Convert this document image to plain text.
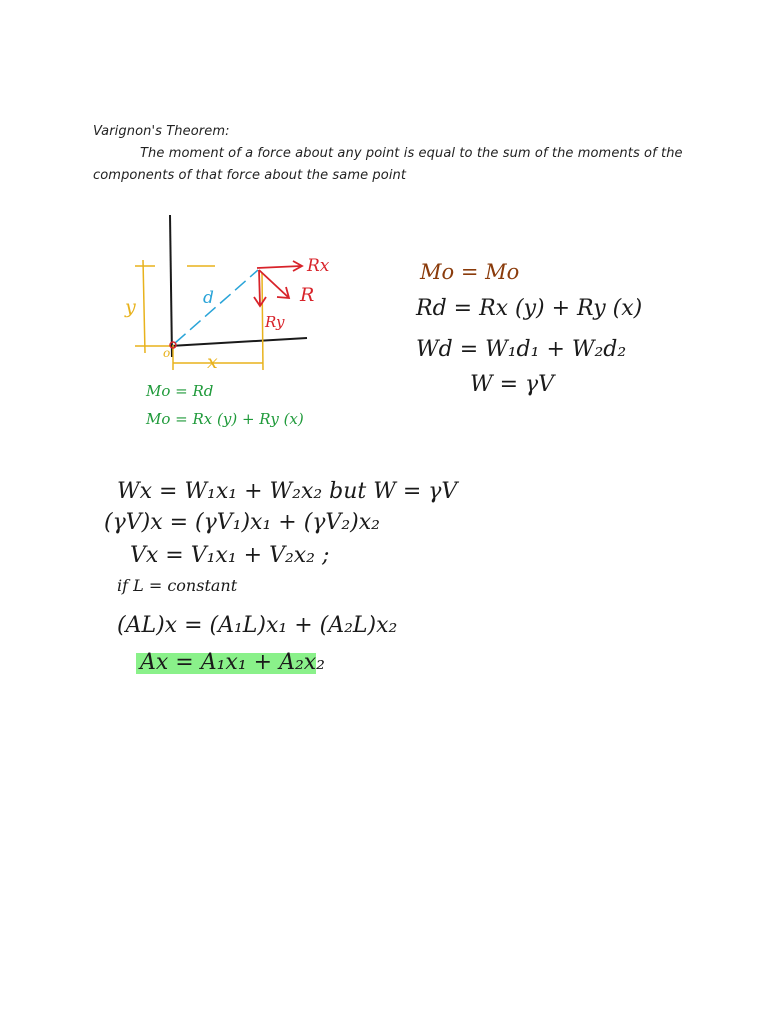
Varignon's Theorem:
The moment of a force about any point is equal to the sum of the moments of the
components of that force about the same point
Rx
R
Ry
d
y
x
o
Mo = Rd
Mo = Rx (y) + Ry (x)
Mo = Mo
Rd = Rx (y) + Ry (x)
Wd = W₁d₁ + W₂d₂
W = γV
Wx = W₁x₁ + W₂x₂ but W = γV
(γV)x = (γV₁)x₁ + (γV₂)x₂
Vx = V₁x₁ + V₂x₂ ;
if L = constant
(AL)x = (A₁L)x₁ + (A₂L)x₂
Ax = A₁x₁ + A₂x₂
